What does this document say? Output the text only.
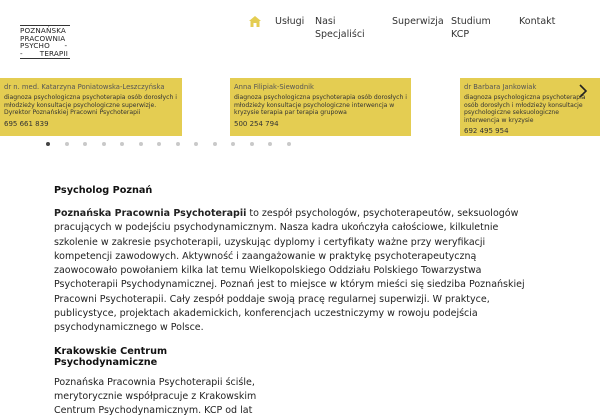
POZNAŃSKA
PRACOWNIA
PSYCHO      -
-       TERAPII
Usługi Nasi
Specjaliści
Superwizja Studium
KCP
Kontakt
dr n. med. Katarzyna Poniatowska-Leszczyńska
diagnoza psychologiczna psychoterapia osób dorosłych i młodzieży konsultacje psychologiczne superwizje. Dyrektor Poznańskiej Pracowni Psychoterapii
695 661 839
Anna Filipiak-Siewodnik
diagnoza psychologiczna psychoterapia osób dorosłych i młodzieży konsultacje psychologiczne interwencja w kryzysie terapia par terapia grupowa
500 254 794
dr Barbara Jankowiak
diagnoza psychologiczna psychoterapia osób dorosłych i młodzieży konsultacje psychologiczne seksuologiczne interwencja w kryzysie
692 495 954
Psycholog Poznań
Poznańska Pracownia Psychoterapii to zespół psychologów, psychoterapeutów, seksuologów pracujących w podejściu psychodynamicznym. Nasza kadra ukończyła całościowe, kilkuletnie szkolenie w zakresie psychoterapii, uzyskując dyplomy i certyfikaty ważne przy weryfikacji kompetencji zawodowych. Aktywność i zaangażowanie w praktykę psychoterapeutyczną zaowocowało powołaniem kilka lat temu Wielkopolskiego Oddziału Polskiego Towarzystwa Psychoterapii Psychodynamicznej. Poznań jest to miejsce w którym mieści się siedziba Poznańskiej Pracowni Psychoterapii. Cały zespół poddaje swoją pracę regularnej superwizji. W praktyce, publicystyce, projektach akademickich, konferencjach uczestniczymy w rowoju podejścia psychodynamicznego w Polsce.
Krakowskie Centrum Psychodynamiczne
Poznańska Pracownia Psychoterapii ściśle, merytorycznie współpracuje z Krakowskim Centrum Psychodynamicznym. KCP od lat
